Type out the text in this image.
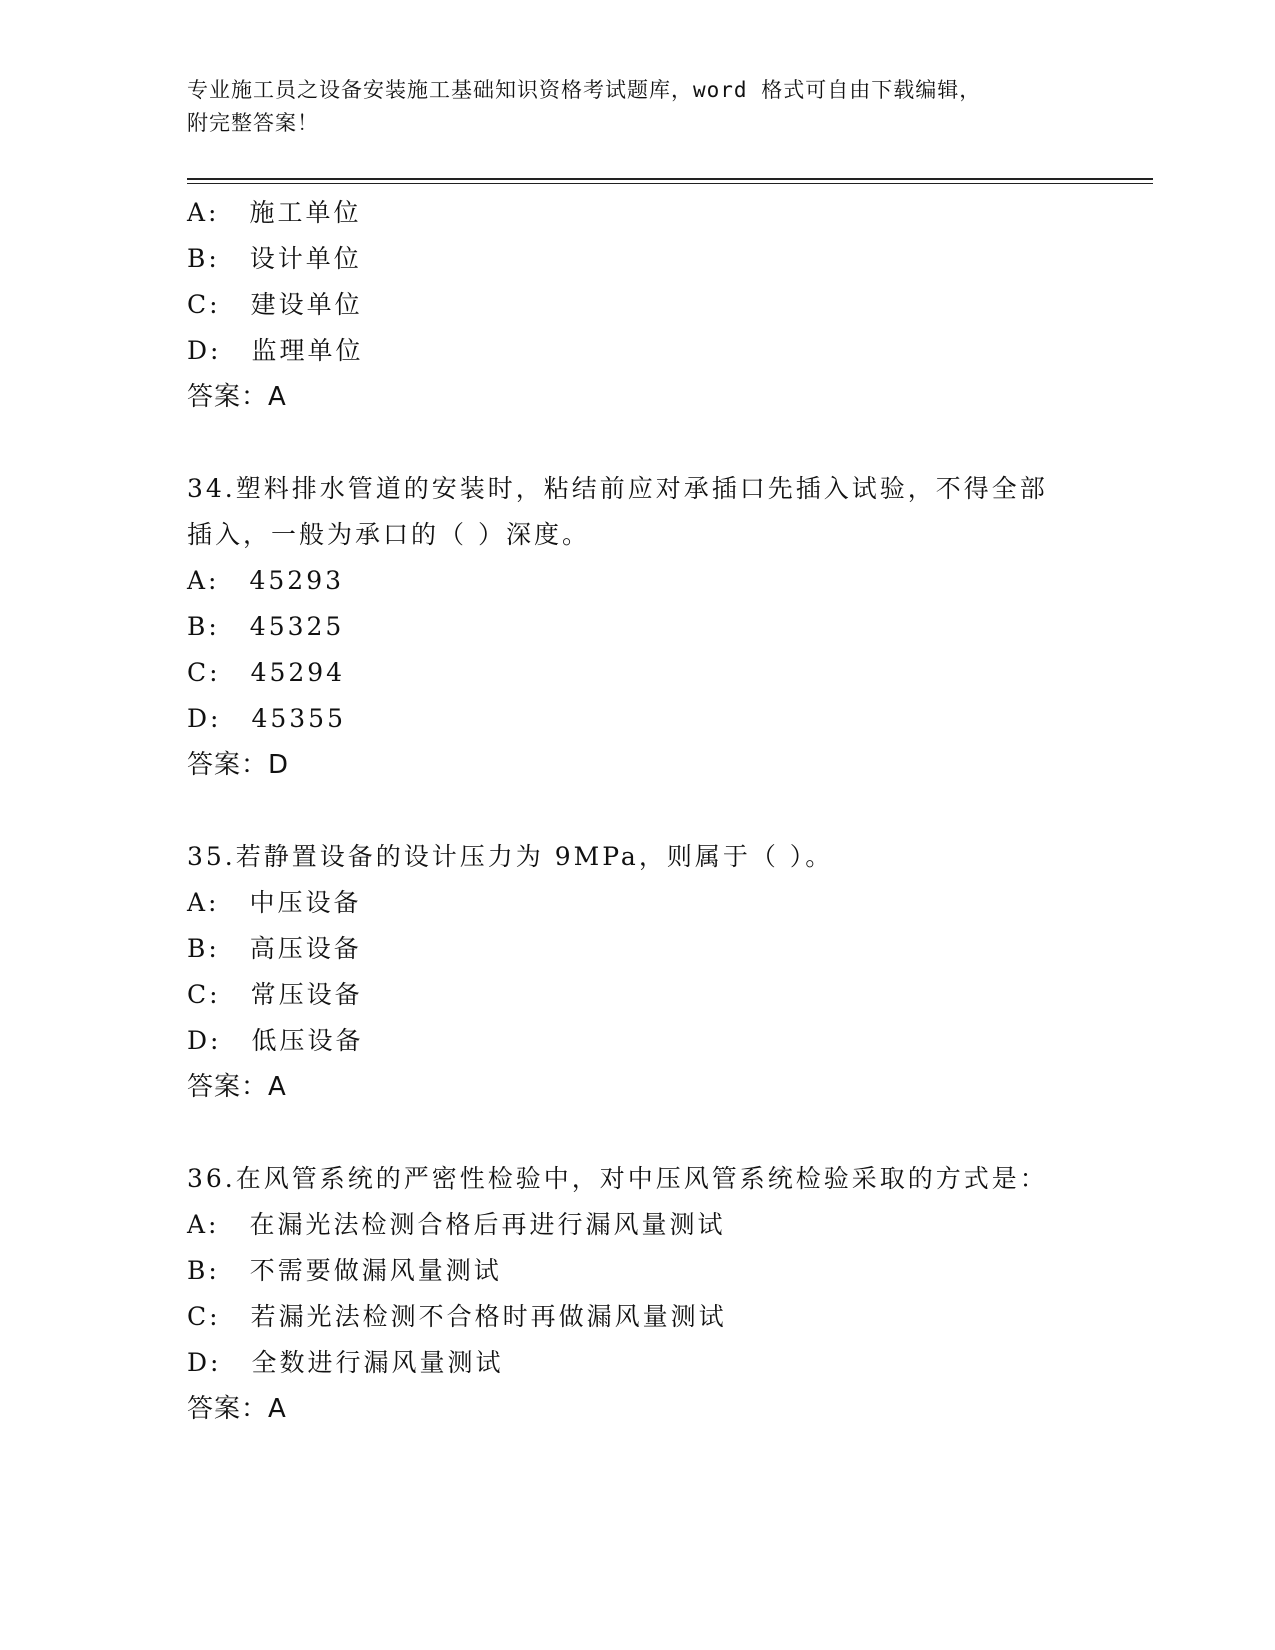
专业施工员之设备安装施工基础知识资格考试题库，word 格式可自由下载编辑，
附完整答案！
A: 施工单位
B: 设计单位
C: 建设单位
D: 监理单位
答案：A
34.塑料排水管道的安装时，粘结前应对承插口先插入试验，不得全部
插入，一般为承口的（ ）深度。
A: 45293
B: 45325
C: 45294
D: 45355
答案：D
35.若静置设备的设计压力为 9MPa，则属于（ ）。
A: 中压设备
B: 高压设备
C: 常压设备
D: 低压设备
答案：A
36.在风管系统的严密性检验中，对中压风管系统检验采取的方式是：
A: 在漏光法检测合格后再进行漏风量测试
B: 不需要做漏风量测试
C: 若漏光法检测不合格时再做漏风量测试
D: 全数进行漏风量测试
答案：A
